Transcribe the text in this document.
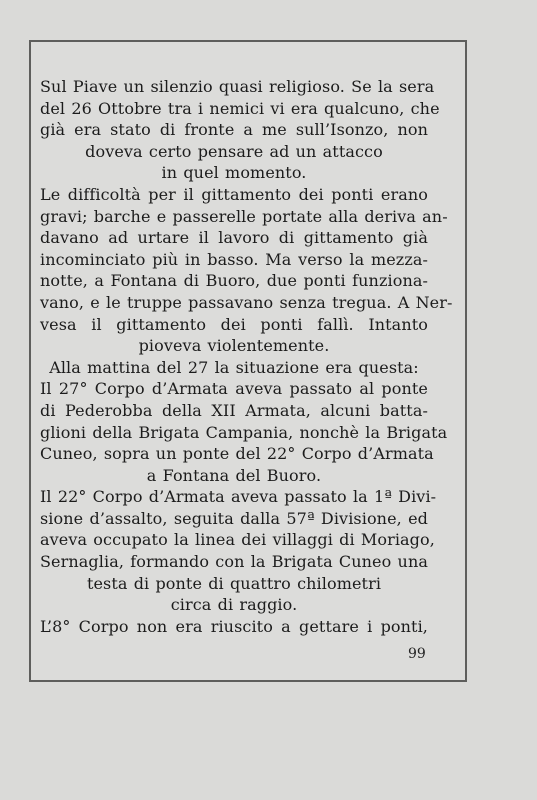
Sul Piave un silenzio quasi religioso. Se la sera
del 26 Ottobre tra i nemici vi era qualcuno, che
già era stato di fronte a me sull’Isonzo, non
doveva certo pensare ad un attacco
in quel momento.
Le difficoltà per il gittamento dei ponti erano
gravi; barche e passerelle portate alla deriva an-
davano ad urtare il lavoro di gittamento già
incominciato più in basso. Ma verso la mezza-
notte, a Fontana di Buoro, due ponti funziona-
vano, e le truppe passavano senza tregua. A Ner-
vesa il gittamento dei ponti fallì. Intanto
pioveva violentemente.
Alla mattina del 27 la situazione era questa:
Il 27° Corpo d’Armata aveva passato al ponte
di Pederobba della XII Armata, alcuni batta-
glioni della Brigata Campania, nonchè la Brigata
Cuneo, sopra un ponte del 22° Corpo d’Armata
a Fontana del Buoro.
Il 22° Corpo d’Armata aveva passato la 1ª Divi-
sione d’assalto, seguita dalla 57ª Divisione, ed
aveva occupato la linea dei villaggi di Moriago,
Sernaglia, formando con la Brigata Cuneo una
testa di ponte di quattro chilometri
circa di raggio.
L’8° Corpo non era riuscito a gettare i ponti,
99
